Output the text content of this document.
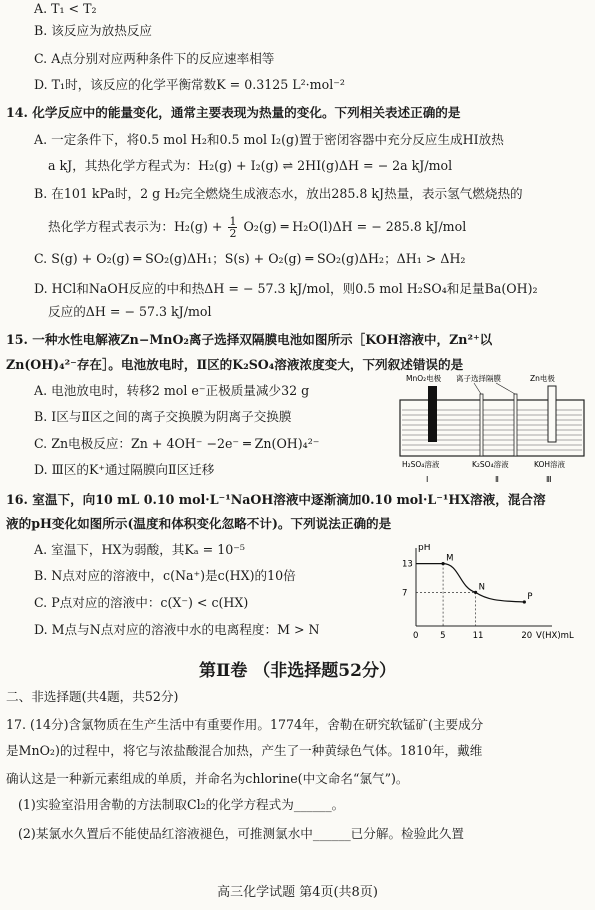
A. T₁ < T₂
B. 该反应为放热反应
C. A点分别对应两种条件下的反应速率相等
D. T₁时，该反应的化学平衡常数K = 0.3125 L²·mol⁻²
14. 化学反应中的能量变化，通常主要表现为热量的变化。下列相关表述正确的是
A. 一定条件下，将0.5 mol H₂和0.5 mol I₂(g)置于密闭容器中充分反应生成HI放热
a kJ，其热化学方程式为：H₂(g) + I₂(g) ⇌ 2HI(g)ΔH = − 2a kJ/mol
B. 在101 kPa时，2 g H₂完全燃烧生成液态水，放出285.8 kJ热量，表示氢气燃烧热的
热化学方程式表示为：$H_2(g) + \frac{1}{2} O_2(g)$ ═ H₂O(l)ΔH = − 285.8 kJ/mol
C. S(g) + O₂(g) ═ SO₂(g)ΔH₁；S(s) + O₂(g) ═ SO₂(g)ΔH₂；ΔH₁ > ΔH₂
D. HCl和NaOH反应的中和热ΔH = − 57.3 kJ/mol，则0.5 mol H₂SO₄和足量Ba(OH)₂
反应的ΔH = − 57.3 kJ/mol
15. 一种水性电解液Zn−MnO₂离子选择双隔膜电池如图所示［KOH溶液中，Zn²⁺以
Zn(OH)₄²⁻存在］。电池放电时，Ⅱ区的K₂SO₄溶液浓度变大，下列叙述错误的是
A. 电池放电时，转移2 mol e⁻正极质量减少32 g
B. Ⅰ区与Ⅱ区之间的离子交换膜为阴离子交换膜
C. Zn电极反应：Zn + 4OH⁻ −2e⁻ ═ Zn(OH)₄²⁻
D. Ⅲ区的K⁺通过隔膜向Ⅱ区迁移
MnO₂电极 离子选择隔膜	Zn电极
H₂SO₄溶液	K₂SO₄溶液	KOH溶液
Ⅰ	Ⅱ	Ⅲ
16. 室温下，向10 mL 0.10 mol·L⁻¹NaOH溶液中逐渐滴加0.10 mol·L⁻¹HX溶液，混合溶
液的pH变化如图所示(温度和体积变化忽略不计)。下列说法正确的是
A. 室温下，HX为弱酸，其Kₐ = 10⁻⁵
B. N点对应的溶液中，c(Na⁺)是c(HX)的10倍
C. P点对应的溶液中：c(X⁻) < c(HX)
D. M点与N点对应的溶液中水的电离程度：M > N
pH
V(HX)mL
0	5	11	20
13
7
M
N
P
第Ⅱ卷 （非选择题52分）
二、非选择题(共4题，共52分)
17. (14分)含氯物质在生产生活中有重要作用。1774年，舍勒在研究软锰矿(主要成分
是MnO₂)的过程中，将它与浓盐酸混合加热，产生了一种黄绿色气体。1810年，戴维
确认这是一种新元素组成的单质，并命名为chlorine(中文命名“氯气”)。
(1)实验室沿用舍勒的方法制取Cl₂的化学方程式为______。
(2)某氯水久置后不能使品红溶液褪色，可推测氯水中______已分解。检验此久置
高三化学试题 第4页(共8页)
